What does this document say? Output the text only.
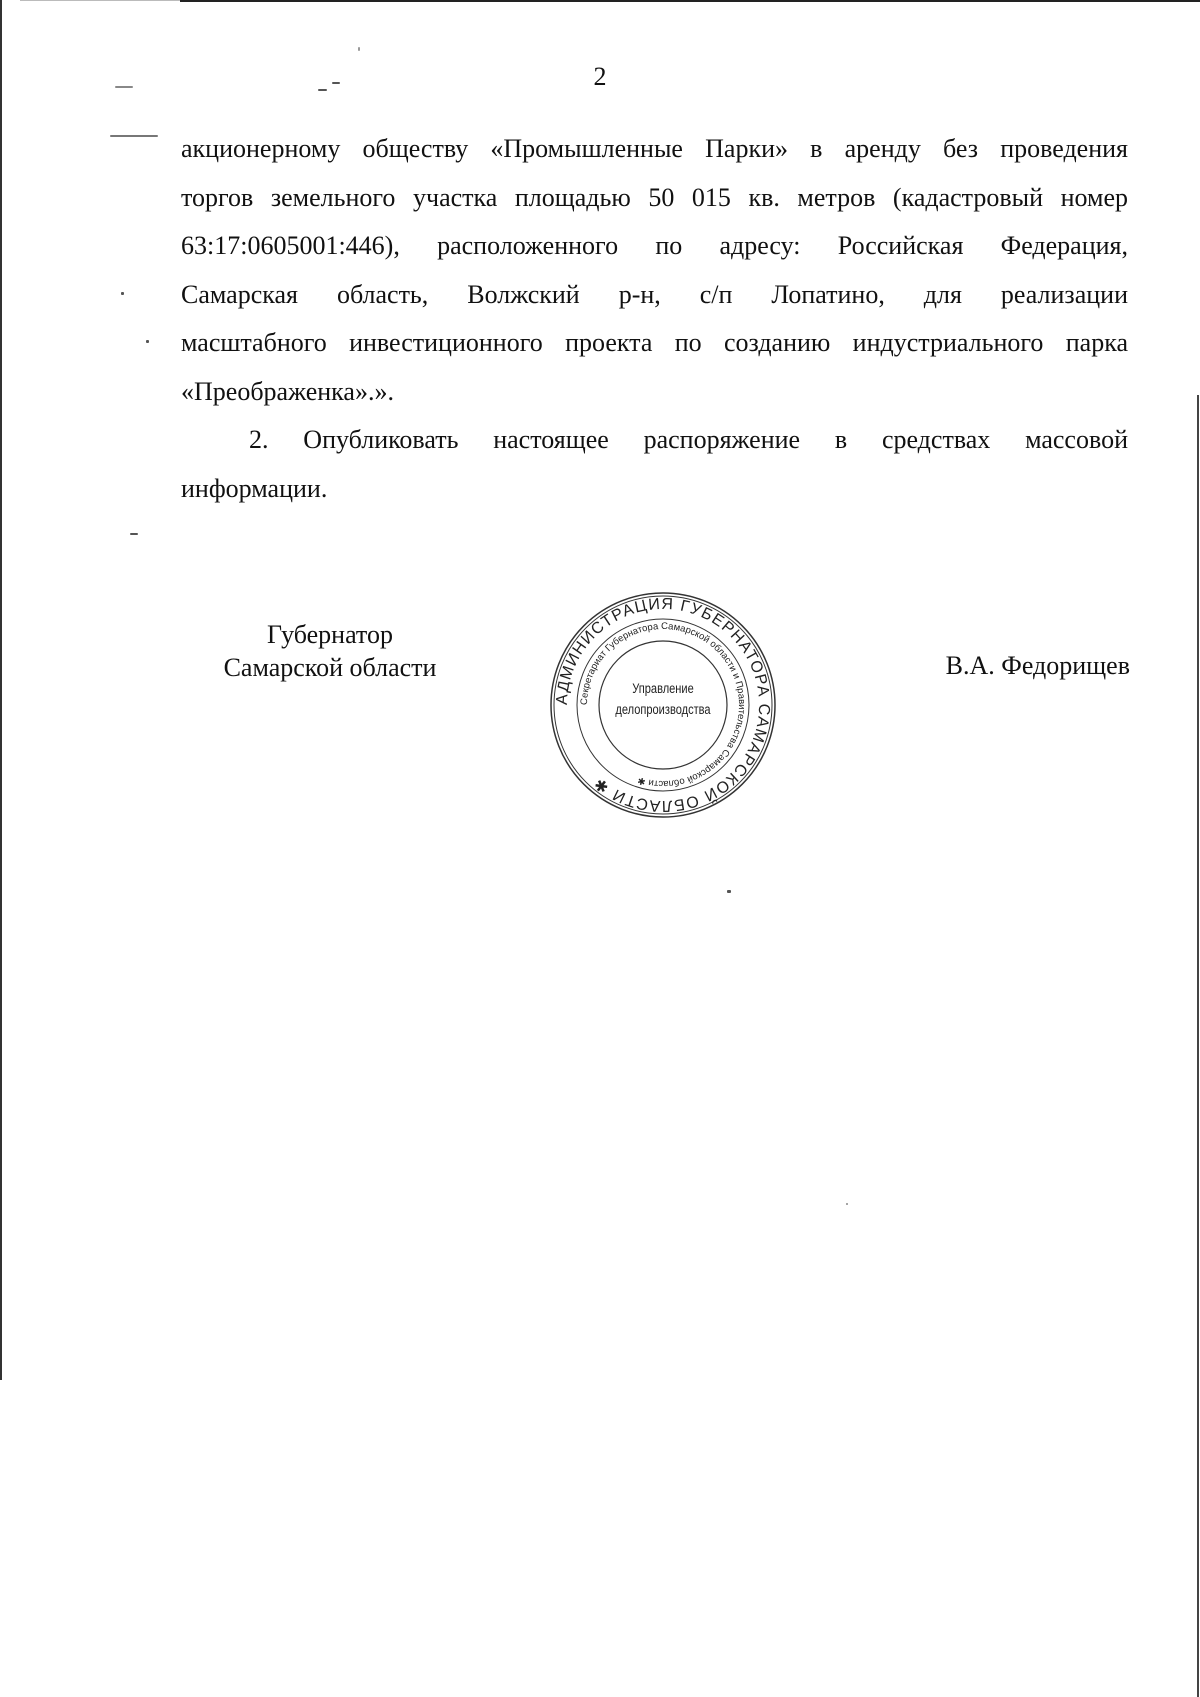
2

акционерному обществу «Промышленные Парки» в аренду без проведения
торгов земельного участка площадью 50 015 кв. метров (кадастровый номер
63:17:0605001:446), расположенного по адресу: Российская Федерация,
Самарская область, Волжский р-н, с/п Лопатино, для реализации
масштабного инвестиционного проекта по созданию индустриального парка
«Преображенка».».

2. Опубликовать настоящее распоряжение в средствах массовой
информации.

Губернатор
Самарской области
АДМИНИСТРАЦИЯ ГУБЕРНАТОРА САМАРСКОЙ ОБЛАСТИ ✱
Секретариат Губернатора Самарской области и Правительства Самарской области ✱
Управление
делопроизводства
В.А. Федорищев
